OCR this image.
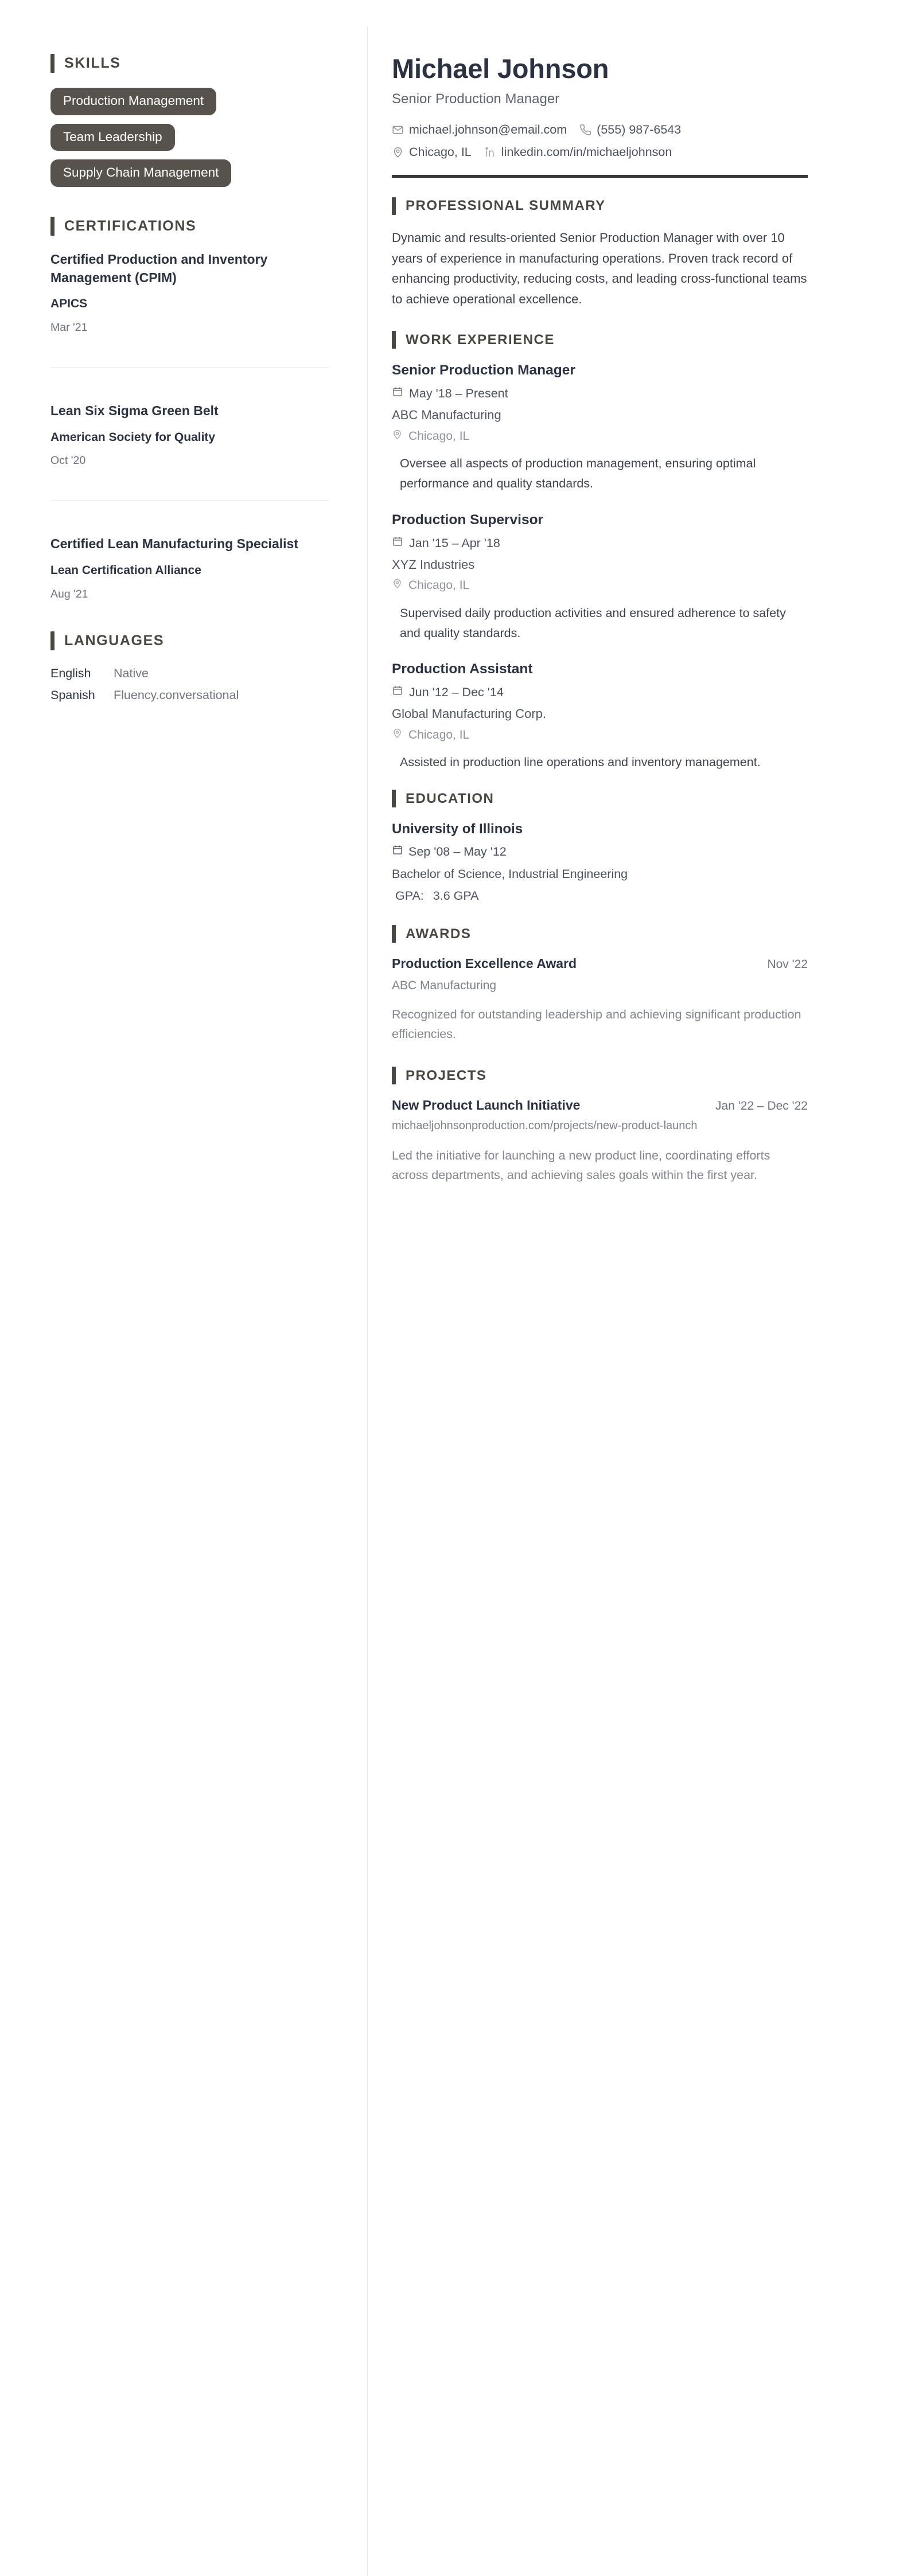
SKILLS
Production Management
Team Leadership
Supply Chain Management
CERTIFICATIONS
Certified Production and Inventory Management (CPIM)
APICS
Mar '21
Lean Six Sigma Green Belt
American Society for Quality
Oct '20
Certified Lean Manufacturing Specialist
Lean Certification Alliance
Aug '21
LANGUAGES
English	Native
Spanish	Fluency.conversational
Michael Johnson
Senior Production Manager
michael.johnson@email.com (555) 987-6543
Chicago, IL linkedin.com/in/michaeljohnson
PROFESSIONAL SUMMARY

Dynamic and results-oriented Senior Production Manager with over 10 years of experience in manufacturing operations. Proven track record of enhancing productivity, reducing costs, and leading cross-functional teams to achieve operational excellence.

WORK EXPERIENCE
Senior Production Manager
May '18 – Present
ABC Manufacturing
Chicago, IL

Oversee all aspects of production management, ensuring optimal performance and quality standards.

Production Supervisor
Jan '15 – Apr '18
XYZ Industries
Chicago, IL

Supervised daily production activities and ensured adherence to safety and quality standards.

Production Assistant
Jun '12 – Dec '14
Global Manufacturing Corp.
Chicago, IL

Assisted in production line operations and inventory management.

EDUCATION
University of Illinois
Sep '08 – May '12
Bachelor of Science, Industrial Engineering
GPA: 3.6 GPA
AWARDS
Production Excellence Award	Nov '22
ABC Manufacturing

Recognized for outstanding leadership and achieving significant production efficiencies.

PROJECTS
New Product Launch Initiative	Jan '22 – Dec '22
michaeljohnsonproduction.com/projects/new-product-launch

Led the initiative for launching a new product line, coordinating efforts across departments, and achieving sales goals within the first year.
